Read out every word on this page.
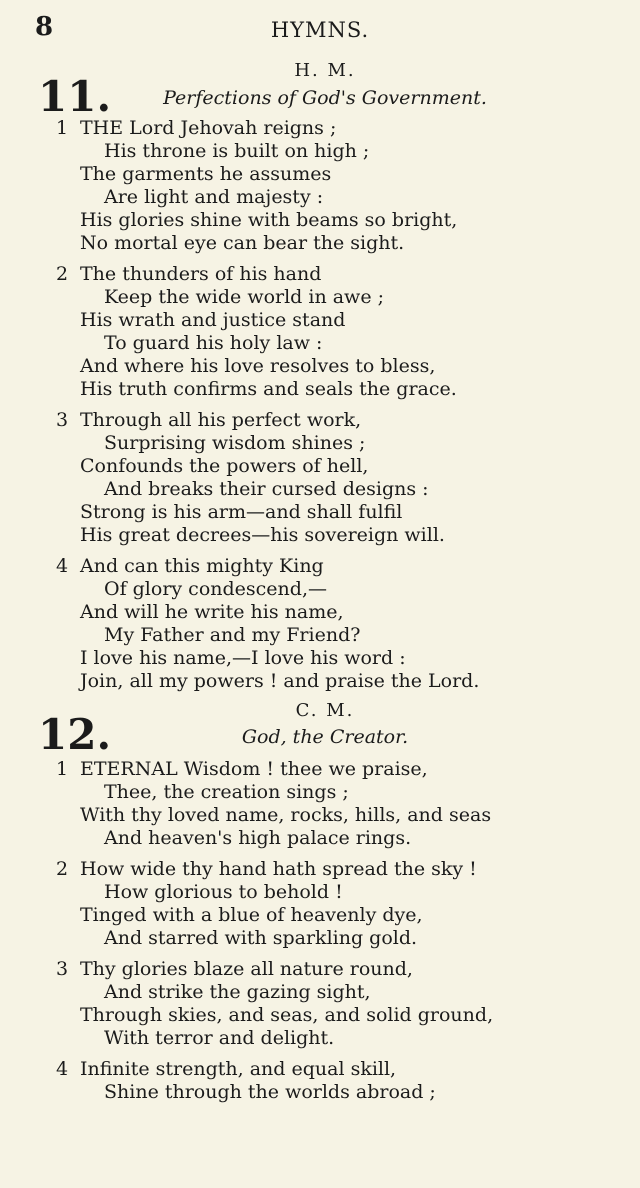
8	HYMNS.
11.
H. M.
Perfections of God's Government.
1 THE Lord Jehovah reigns ;
His throne is built on high ;
The garments he assumes
Are light and majesty :
His glories shine with beams so bright,
No mortal eye can bear the sight.
2 The thunders of his hand
Keep the wide world in awe ;
His wrath and justice stand
To guard his holy law :
And where his love resolves to bless,
His truth confirms and seals the grace.
3 Through all his perfect work,
Surprising wisdom shines ;
Confounds the powers of hell,
And breaks their cursed designs :
Strong is his arm—and shall fulfil
His great decrees—his sovereign will.
4 And can this mighty King
Of glory condescend,—
And will he write his name,
My Father and my Friend?
I love his name,—I love his word :
Join, all my powers ! and praise the Lord.
12.	C. M.
God, the Creator.
1 ETERNAL Wisdom ! thee we praise,
Thee, the creation sings ;
With thy loved name, rocks, hills, and seas
And heaven's high palace rings.
2 How wide thy hand hath spread the sky !
How glorious to behold !
Tinged with a blue of heavenly dye,
And starred with sparkling gold.
3 Thy glories blaze all nature round,
And strike the gazing sight,
Through skies, and seas, and solid ground,
With terror and delight.
4 Infinite strength, and equal skill,
Shine through the worlds abroad ;
